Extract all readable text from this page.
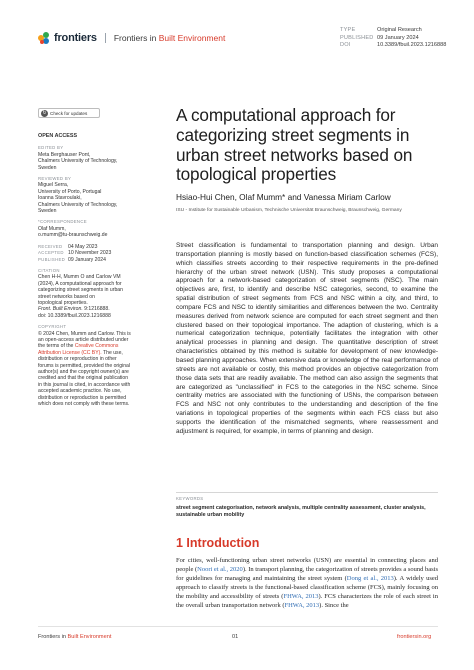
frontiers Frontiers in Built Environment
TYPE	Original Research
PUBLISHED 09 January 2024
DOI	10.3389/fbuil.2023.1216888
↻ Check for updates
OPEN ACCESS
EDITED BY
Meta Berghauser Pont,
Chalmers University of Technology,
Sweden
REVIEWED BY
Miguel Serra,
University of Porto, Portugal
Ioanna Stavroulaki,
Chalmers University of Technology,
Sweden
*CORRESPONDENCE
Olaf Mumm,
o.mumm@tu-braunschweig.de
RECEIVED 04 May 2023
ACCEPTED 10 November 2023
PUBLISHED 09 January 2024
CITATION
Chen H-H, Mumm O and Carlow VM
(2024), A computational approach for
categorizing street segments in urban
street networks based on
topological properties.
Front. Built Environ. 9:1216888.
doi: 10.3389/fbuil.2023.1216888
COPYRIGHT
© 2024 Chen, Mumm and Carlow. This is
an open-access article distributed under
the terms of the Creative Commons
Attribution License (CC BY). The use,
distribution or reproduction in other
forums is permitted, provided the original
author(s) and the copyright owner(s) are
credited and that the original publication
in this journal is cited, in accordance with
accepted academic practice. No use,
distribution or reproduction is permitted
which does not comply with these terms.
A computational approach for categorizing street segments in urban street networks based on topological properties
Hsiao-Hui Chen, Olaf Mumm* and Vanessa Miriam Carlow
ISU - Institute for Sustainable Urbanism, Technische Universität Braunschweig, Braunschweig, Germany

Street classification is fundamental to transportation planning and design. Urban transportation planning is mostly based on function-based classification schemes (FCS), which classifies streets according to their respective requirements in the pre-defined hierarchy of the urban street network (USN). This study proposes a computational approach for a network-based categorization of street segments (NSC). The main objectives are, first, to identify and describe NSC categories, second, to examine the spatial distribution of street segments from FCS and NSC within a city, and third, to compare FCS and NSC to identify similarities and differences between the two. Centrality measures derived from network science are computed for each street segment and then clustered based on their topological importance. The adaption of clustering, which is a numerical categorization technique, potentially facilitates the integration with other analytical processes in planning and design. The quantitative description of street characteristics obtained by this method is suitable for development of new knowledge-based planning approaches. When extensive data or knowledge of the real performance of streets are not available or costly, this method provides an objective categorization from those data sets that are readily available. The method can also assign the segments that are categorized as "unclassified" in FCS to the categories in the NSC scheme. Since centrality metrics are associated with the functioning of USNs, the comparison between FCS and NSC not only contributes to the understanding and description of the fine variations in topological properties of the segments within each FCS class but also supports the identification of the mismatched segments, where reassessment and adjustment is required, for example, in terms of planning and design.

KEYWORDS
street segment categorisation, network analysis, multiple centrality assessment, cluster analysis, sustainable urban mobility
1 Introduction

For cities, well-functioning urban street networks (USN) are essential in connecting places and people (Noori et al., 2020). In transport planning, the categorization of streets provides a sound basis for guidelines for managing and maintaining the street system (Dong et al., 2013). A widely used approach to classify streets is the functional-based classification scheme (FCS), mainly focusing on the mobility and accessibility of streets (FHWA, 2013). FCS characterizes the role of each street in the overall urban transportation network (FHWA, 2013). Since the

Frontiers in Built Environment	01	frontiersin.org
